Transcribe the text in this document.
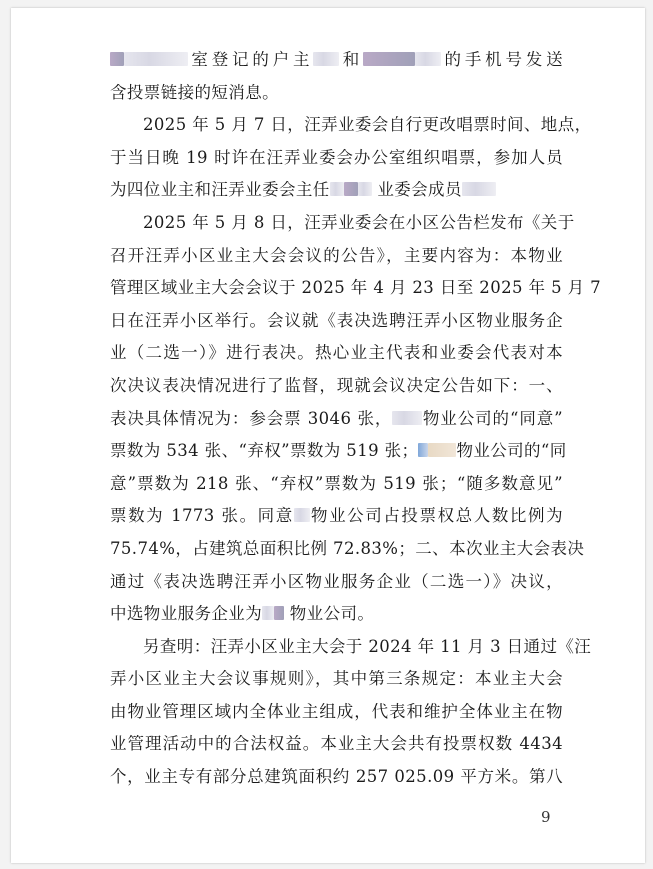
室登记的户主 和	的手机号发送
含投票链接的短消息。
2025 年 5 月 7 日，汪弄业委会自行更改唱票时间、地点，
于当日晚 19 时许在汪弄业委会办公室组织唱票，参加人员
为四位业主和汪弄业委会主任	业委会成员
2025 年 5 月 8 日，汪弄业委会在小区公告栏发布《关于
召开汪弄小区业主大会会议的公告》，主要内容为：本物业
管理区域业主大会会议于 2025 年 4 月 23 日至 2025 年 5 月 7
日在汪弄小区举行。会议就《表决选聘汪弄小区物业服务企
业（二选一）》进行表决。热心业主代表和业委会代表对本
次决议表决情况进行了监督，现就会议决定公告如下：一、
表决具体情况为：参会票 3046 张， 物业公司的“同意”
票数为 534 张、“弃权”票数为 519 张； 物业公司的“同
意”票数为 218 张、“弃权”票数为 519 张；“随多数意见”
票数为 1773 张。同意 物业公司占投票权总人数比例为
75.74%，占建筑总面积比例 72.83%；二、本次业主大会表决
通过《表决选聘汪弄小区物业服务企业（二选一）》决议，
中选物业服务企业为 物业公司。
另查明：汪弄小区业主大会于 2024 年 11 月 3 日通过《汪
弄小区业主大会议事规则》，其中第三条规定：本业主大会
由物业管理区域内全体业主组成，代表和维护全体业主在物
业管理活动中的合法权益。本业主大会共有投票权数 4434
个，业主专有部分总建筑面积约 257 025.09 平方米。第八
9
